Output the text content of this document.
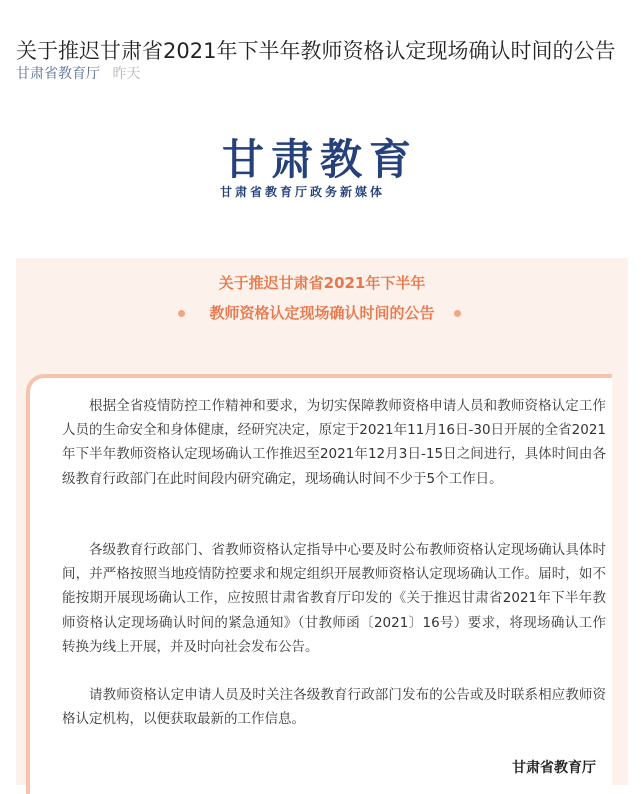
关于推迟甘肃省2021年下半年教师资格认定现场确认时间的公告
甘肃省教育厅 昨天
甘肃教育
甘肃省教育厅政务新媒体
关于推迟甘肃省2021年下半年
教师资格认定现场确认时间的公告

根据全省疫情防控工作精神和要求，为切实保障教师资格申请人员和教师资格认定工作人员的生命安全和身体健康，经研究决定，原定于2021年11月16日-30日开展的全省2021年下半年教师资格认定现场确认工作推迟至2021年12月3日-15日之间进行，具体时间由各级教育行政部门在此时间段内研究确定，现场确认时间不少于5个工作日。

各级教育行政部门、省教师资格认定指导中心要及时公布教师资格认定现场确认具体时间，并严格按照当地疫情防控要求和规定组织开展教师资格认定现场确认工作。届时，如不能按期开展现场确认工作，应按照甘肃省教育厅印发的《关于推迟甘肃省2021年下半年教师资格认定现场确认时间的紧急通知》（甘教师函〔2021〕16号）要求，将现场确认工作转换为线上开展，并及时向社会发布公告。

请教师资格认定申请人员及时关注各级教育行政部门发布的公告或及时联系相应教师资格认定机构，以便获取最新的工作信息。

甘肃省教育厅
